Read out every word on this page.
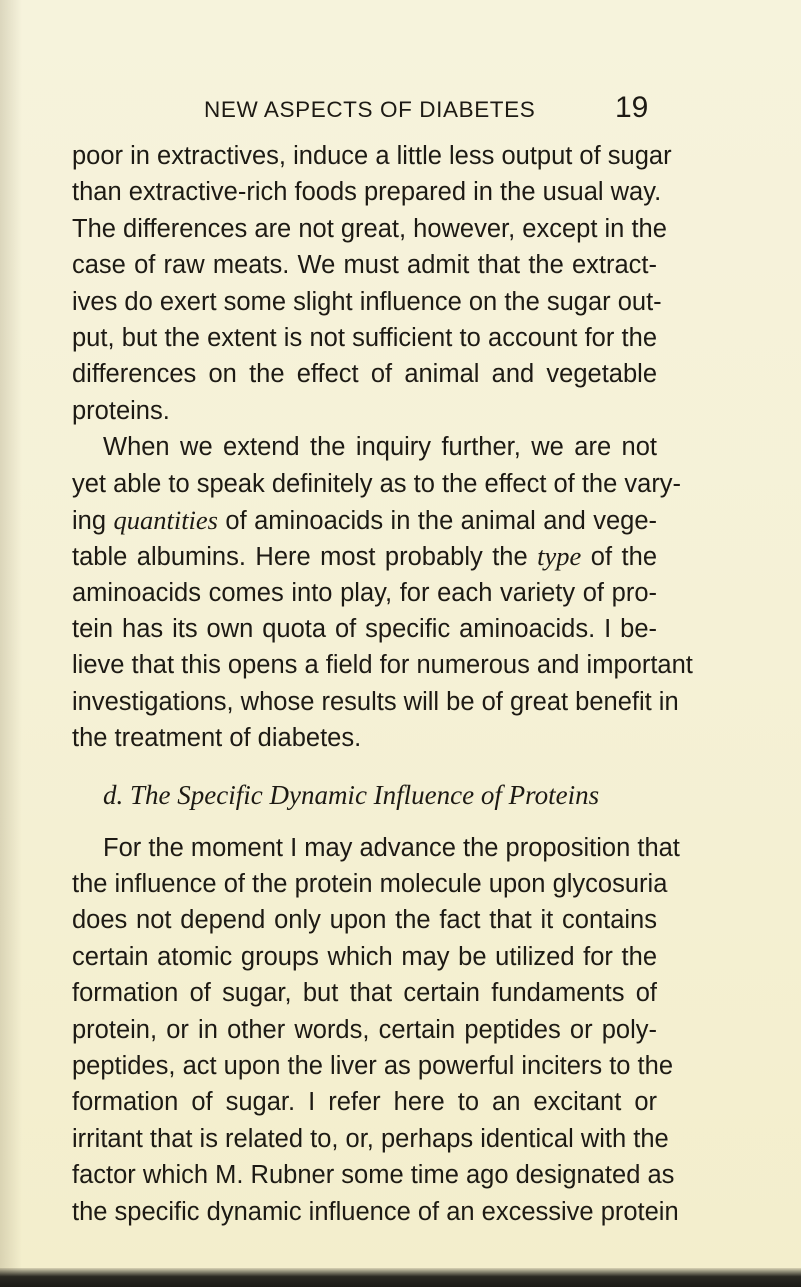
NEW ASPECTS OF DIABETES	19
poor in extractives, induce a little less output of sugar
than extractive-rich foods prepared in the usual way.
The differences are not great, however, except in the
case of raw meats. We must admit that the extract-
ives do exert some slight influence on the sugar out-
put, but the extent is not sufficient to account for the
differences on the effect of animal and vegetable
proteins.
When we extend the inquiry further, we are not
yet able to speak definitely as to the effect of the vary-
ing quantities of aminoacids in the animal and vege-
table albumins. Here most probably the type of the
aminoacids comes into play, for each variety of pro-
tein has its own quota of specific aminoacids. I be-
lieve that this opens a field for numerous and important
investigations, whose results will be of great benefit in
the treatment of diabetes.
d. The Specific Dynamic Influence of Proteins
For the moment I may advance the proposition that
the influence of the protein molecule upon glycosuria
does not depend only upon the fact that it contains
certain atomic groups which may be utilized for the
formation of sugar, but that certain fundaments of
protein, or in other words, certain peptides or poly-
peptides, act upon the liver as powerful inciters to the
formation of sugar. I refer here to an excitant or
irritant that is related to, or, perhaps identical with the
factor which M. Rubner some time ago designated as
the specific dynamic influence of an excessive protein
